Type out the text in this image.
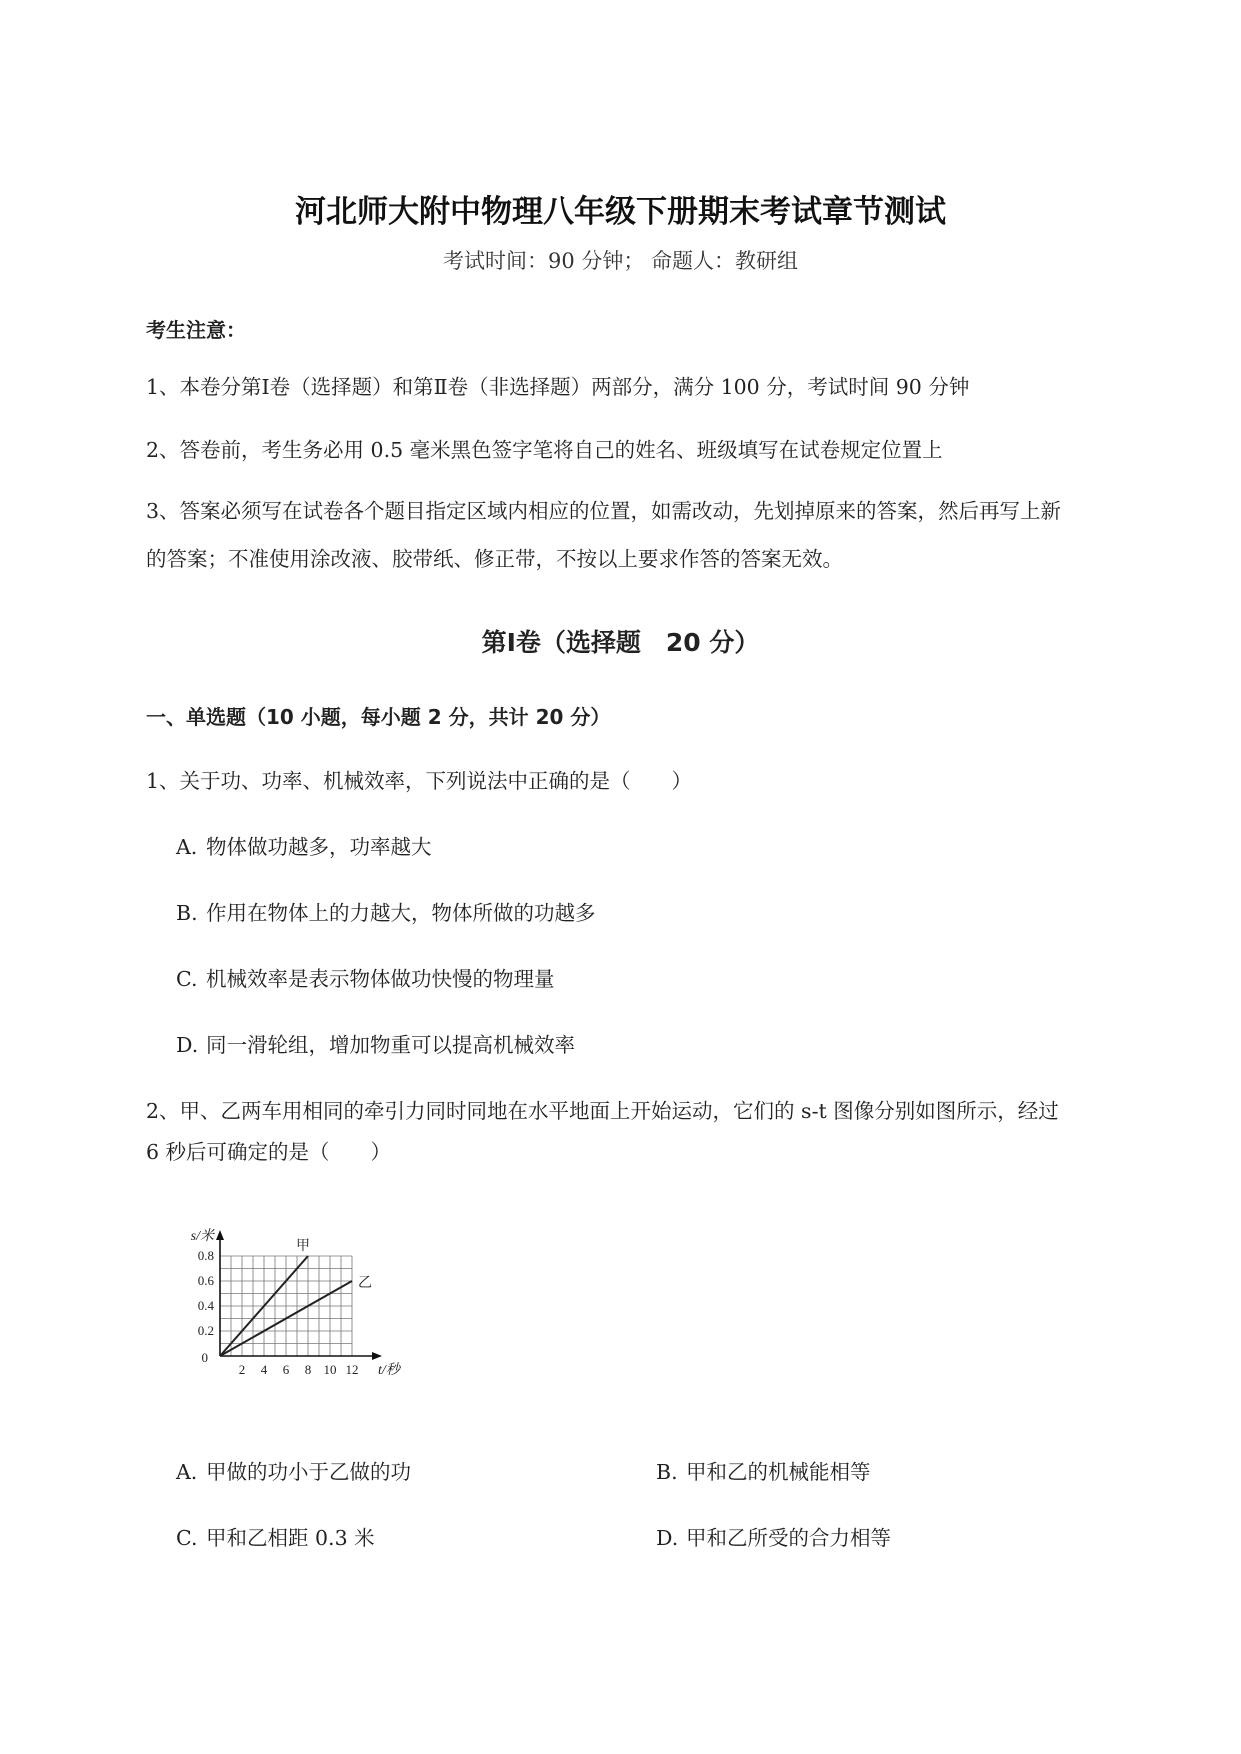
河北师大附中物理八年级下册期末考试章节测试
考试时间：90 分钟； 命题人：教研组
考生注意：
1、本卷分第Ⅰ卷（选择题）和第Ⅱ卷（非选择题）两部分，满分 100 分，考试时间 90 分钟
2、答卷前，考生务必用 0.5 毫米黑色签字笔将自己的姓名、班级填写在试卷规定位置上
3、答案必须写在试卷各个题目指定区域内相应的位置，如需改动，先划掉原来的答案，然后再写上新
的答案；不准使用涂改液、胶带纸、修正带，不按以上要求作答的答案无效。
第Ⅰ卷（选择题　20 分）
一、单选题（10 小题，每小题 2 分，共计 20 分）
1、关于功、功率、机械效率，下列说法中正确的是（　　）
A. 物体做功越多，功率越大
B. 作用在物体上的力越大，物体所做的功越多
C. 机械效率是表示物体做功快慢的物理量
D. 同一滑轮组，增加物重可以提高机械效率
2、甲、乙两车用相同的牵引力同时同地在水平地面上开始运动，它们的 s-t 图像分别如图所示，经过
6 秒后可确定的是（　　）
甲
乙
2 4 6 8 10 12
0.2
0.4
0.6
0.8
0
t/秒
s/米
A. 甲做的功小于乙做的功	B. 甲和乙的机械能相等
C. 甲和乙相距 0.3 米	D. 甲和乙所受的合力相等
